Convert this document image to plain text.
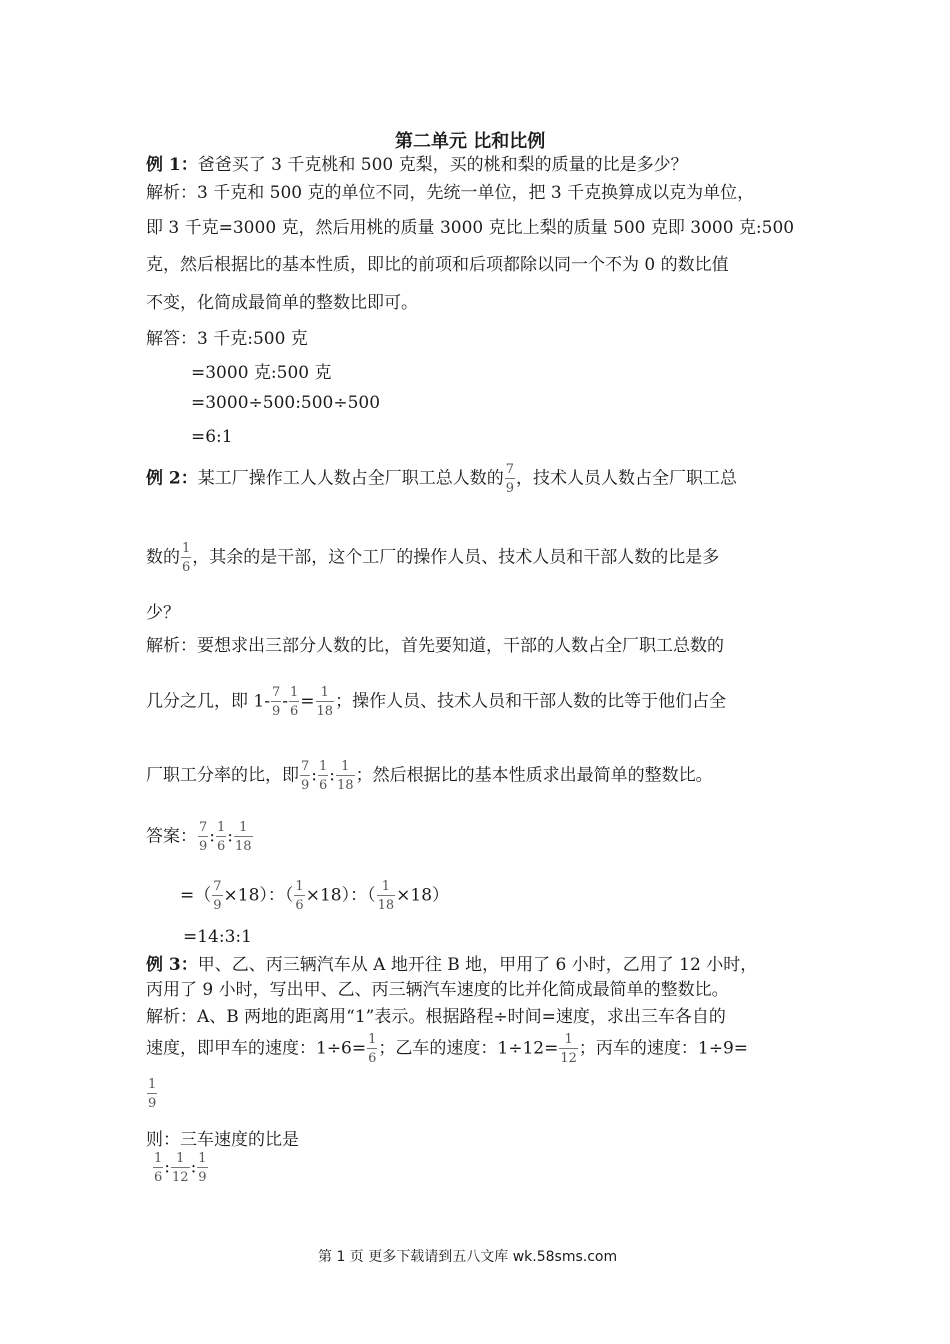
第二单元 比和比例
例 1：爸爸买了 3 千克桃和 500 克梨，买的桃和梨的质量的比是多少？
解析：3 千克和 500 克的单位不同，先统一单位，把 3 千克换算成以克为单位，
即 3 千克=3000 克，然后用桃的质量 3000 克比上梨的质量 500 克即 3000 克:500
克，然后根据比的基本性质，即比的前项和后项都除以同一个不为 0 的数比值
不变，化简成最简单的整数比即可。
解答：3 千克:500 克
=3000 克:500 克
=3000÷500:500÷500
=6:1
例 2：某工厂操作工人人数占全厂职工总人数的 $\frac{7}{9}$ ，技术人员人数占全厂职工总
数的 $\frac{1}{6}$ ，其余的是干部，这个工厂的操作人员、技术人员和干部人数的比是多
少？
解析：要想求出三部分人数的比，首先要知道，干部的人数占全厂职工总数的
几分之几，即 $1- \frac{7}{9} - \frac{1}{6} = \frac{1}{18}$ ；操作人员、技术人员和干部人数的比等于他们占全
厂职工分率的比，即 $\frac{7}{9}$ : $\frac{1}{6}$ : $\frac{1}{18}$ ；然后根据比的基本性质求出最简单的整数比。
答案： $\frac{7}{9}$ : $\frac{1}{6}$ : $\frac{1}{18}$
=（ $\frac{7}{9} \times 18$）：（ $\frac{1}{6} \times 18$）：（ $\frac{1}{18} \times 18$）
=14:3:1
例 3：甲、乙、丙三辆汽车从 A 地开往 B 地，甲用了 6 小时，乙用了 12 小时，
丙用了 9 小时，写出甲、乙、丙三辆汽车速度的比并化简成最简单的整数比。
解析：A、B 两地的距离用“1”表示。根据路程÷时间=速度，求出三车各自的
速度，即甲车的速度：$1\div 6= \frac{1}{6}$ ；乙车的速度：$1\div 12= \frac{1}{12}$ ；丙车的速度：1÷9=
$\frac{1}{9}$
则：三车速度的比是
$\frac{1}{6}$ : $\frac{1}{12}$ : $\frac{1}{9}$
第 1 页 更多下载请到五八文库 wk.58sms.com
